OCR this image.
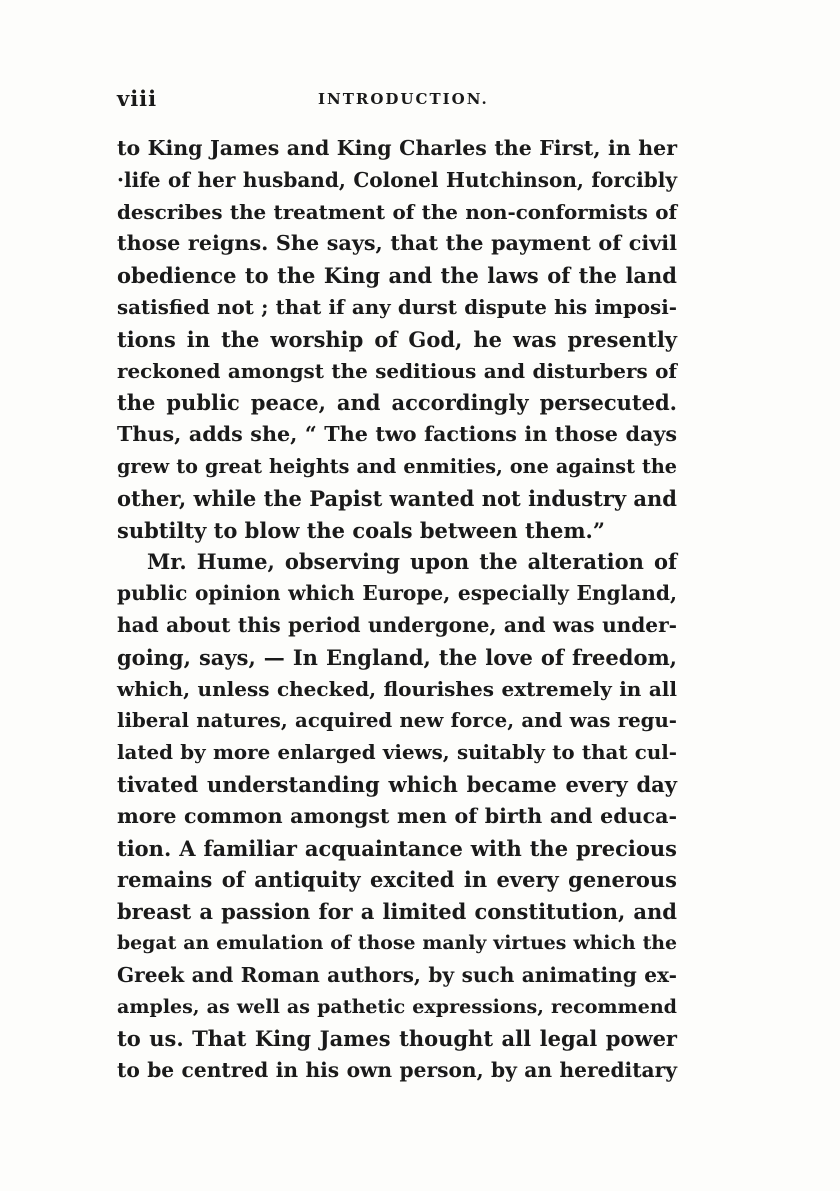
viii	INTRODUCTION.
to King James and King Charles the First, in her
·life of her husband, Colonel Hutchinson, forcibly
describes the treatment of the non-conformists of
those reigns. She says, that the payment of civil
obedience to the King and the laws of the land
satisfied not ; that if any durst dispute his imposi-
tions in the worship of God, he was presently
reckoned amongst the seditious and disturbers of
the public peace, and accordingly persecuted.
Thus, adds she, “ The two factions in those days
grew to great heights and enmities, one against the
other, while the Papist wanted not industry and
subtilty to blow the coals between them.”
Mr. Hume, observing upon the alteration of
public opinion which Europe, especially England,
had about this period undergone, and was under-
going, says, — In England, the love of freedom,
which, unless checked, flourishes extremely in all
liberal natures, acquired new force, and was regu-
lated by more enlarged views, suitably to that cul-
tivated understanding which became every day
more common amongst men of birth and educa-
tion. A familiar acquaintance with the precious
remains of antiquity excited in every generous
breast a passion for a limited constitution, and
begat an emulation of those manly virtues which the
Greek and Roman authors, by such animating ex-
amples, as well as pathetic expressions, recommend
to us. That King James thought all legal power
to be centred in his own person, by an hereditary
